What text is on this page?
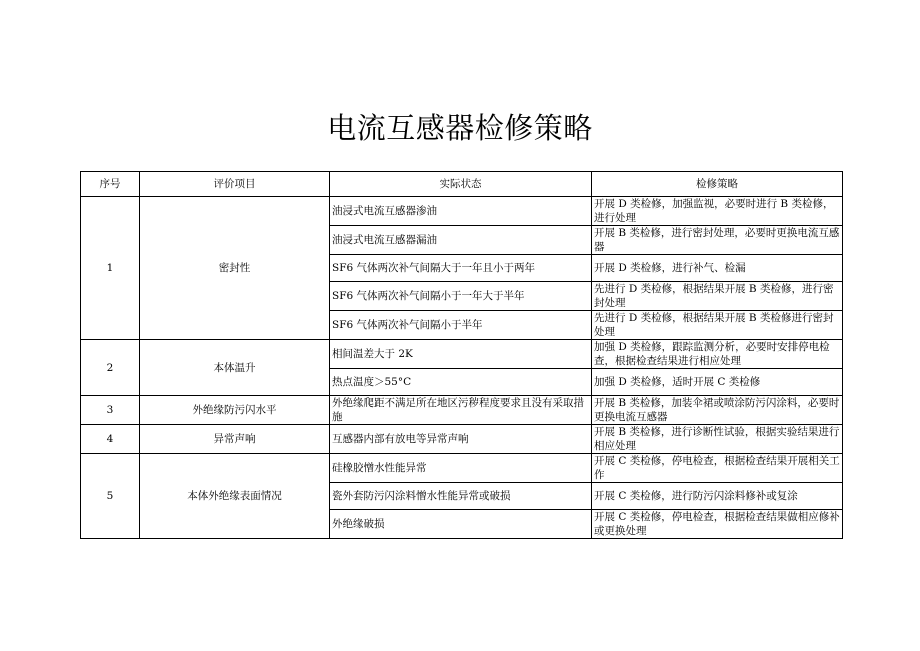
电流互感器检修策略
序号	评价项目	实际状态	检修策略
1	密封性	油浸式电流互感器渗油	开展 D 类检修，加强监视，必要时进行 B 类检修，进行处理
		油浸式电流互感器漏油	开展 B 类检修，进行密封处理，必要时更换电流互感器
		SF6 气体两次补气间隔大于一年且小于两年	开展 D 类检修，进行补气、检漏
		SF6 气体两次补气间隔小于一年大于半年	先进行 D 类检修，根据结果开展 B 类检修，进行密封处理
		SF6 气体两次补气间隔小于半年	先进行 D 类检修，根据结果开展 B 类检修进行密封处理
2	本体温升	相间温差大于 2K	加强 D 类检修，跟踪监测分析，必要时安排停电检查，根据检查结果进行相应处理
		热点温度＞55°C	加强 D 类检修，适时开展 C 类检修
3	外绝缘防污闪水平	外绝缘爬距不满足所在地区污秽程度要求且没有采取措施	开展 B 类检修，加装伞裙或喷涂防污闪涂料，必要时更换电流互感器
4	异常声响	互感器内部有放电等异常声响	开展 B 类检修，进行诊断性试验，根据实验结果进行相应处理
5	本体外绝缘表面情况	硅橡胶憎水性能异常	开展 C 类检修，停电检查，根据检查结果开展相关工作
		瓷外套防污闪涂料憎水性能异常或破损	开展 C 类检修，进行防污闪涂料修补或复涂
		外绝缘破损	开展 C 类检修，停电检查，根据检查结果做相应修补或更换处理
